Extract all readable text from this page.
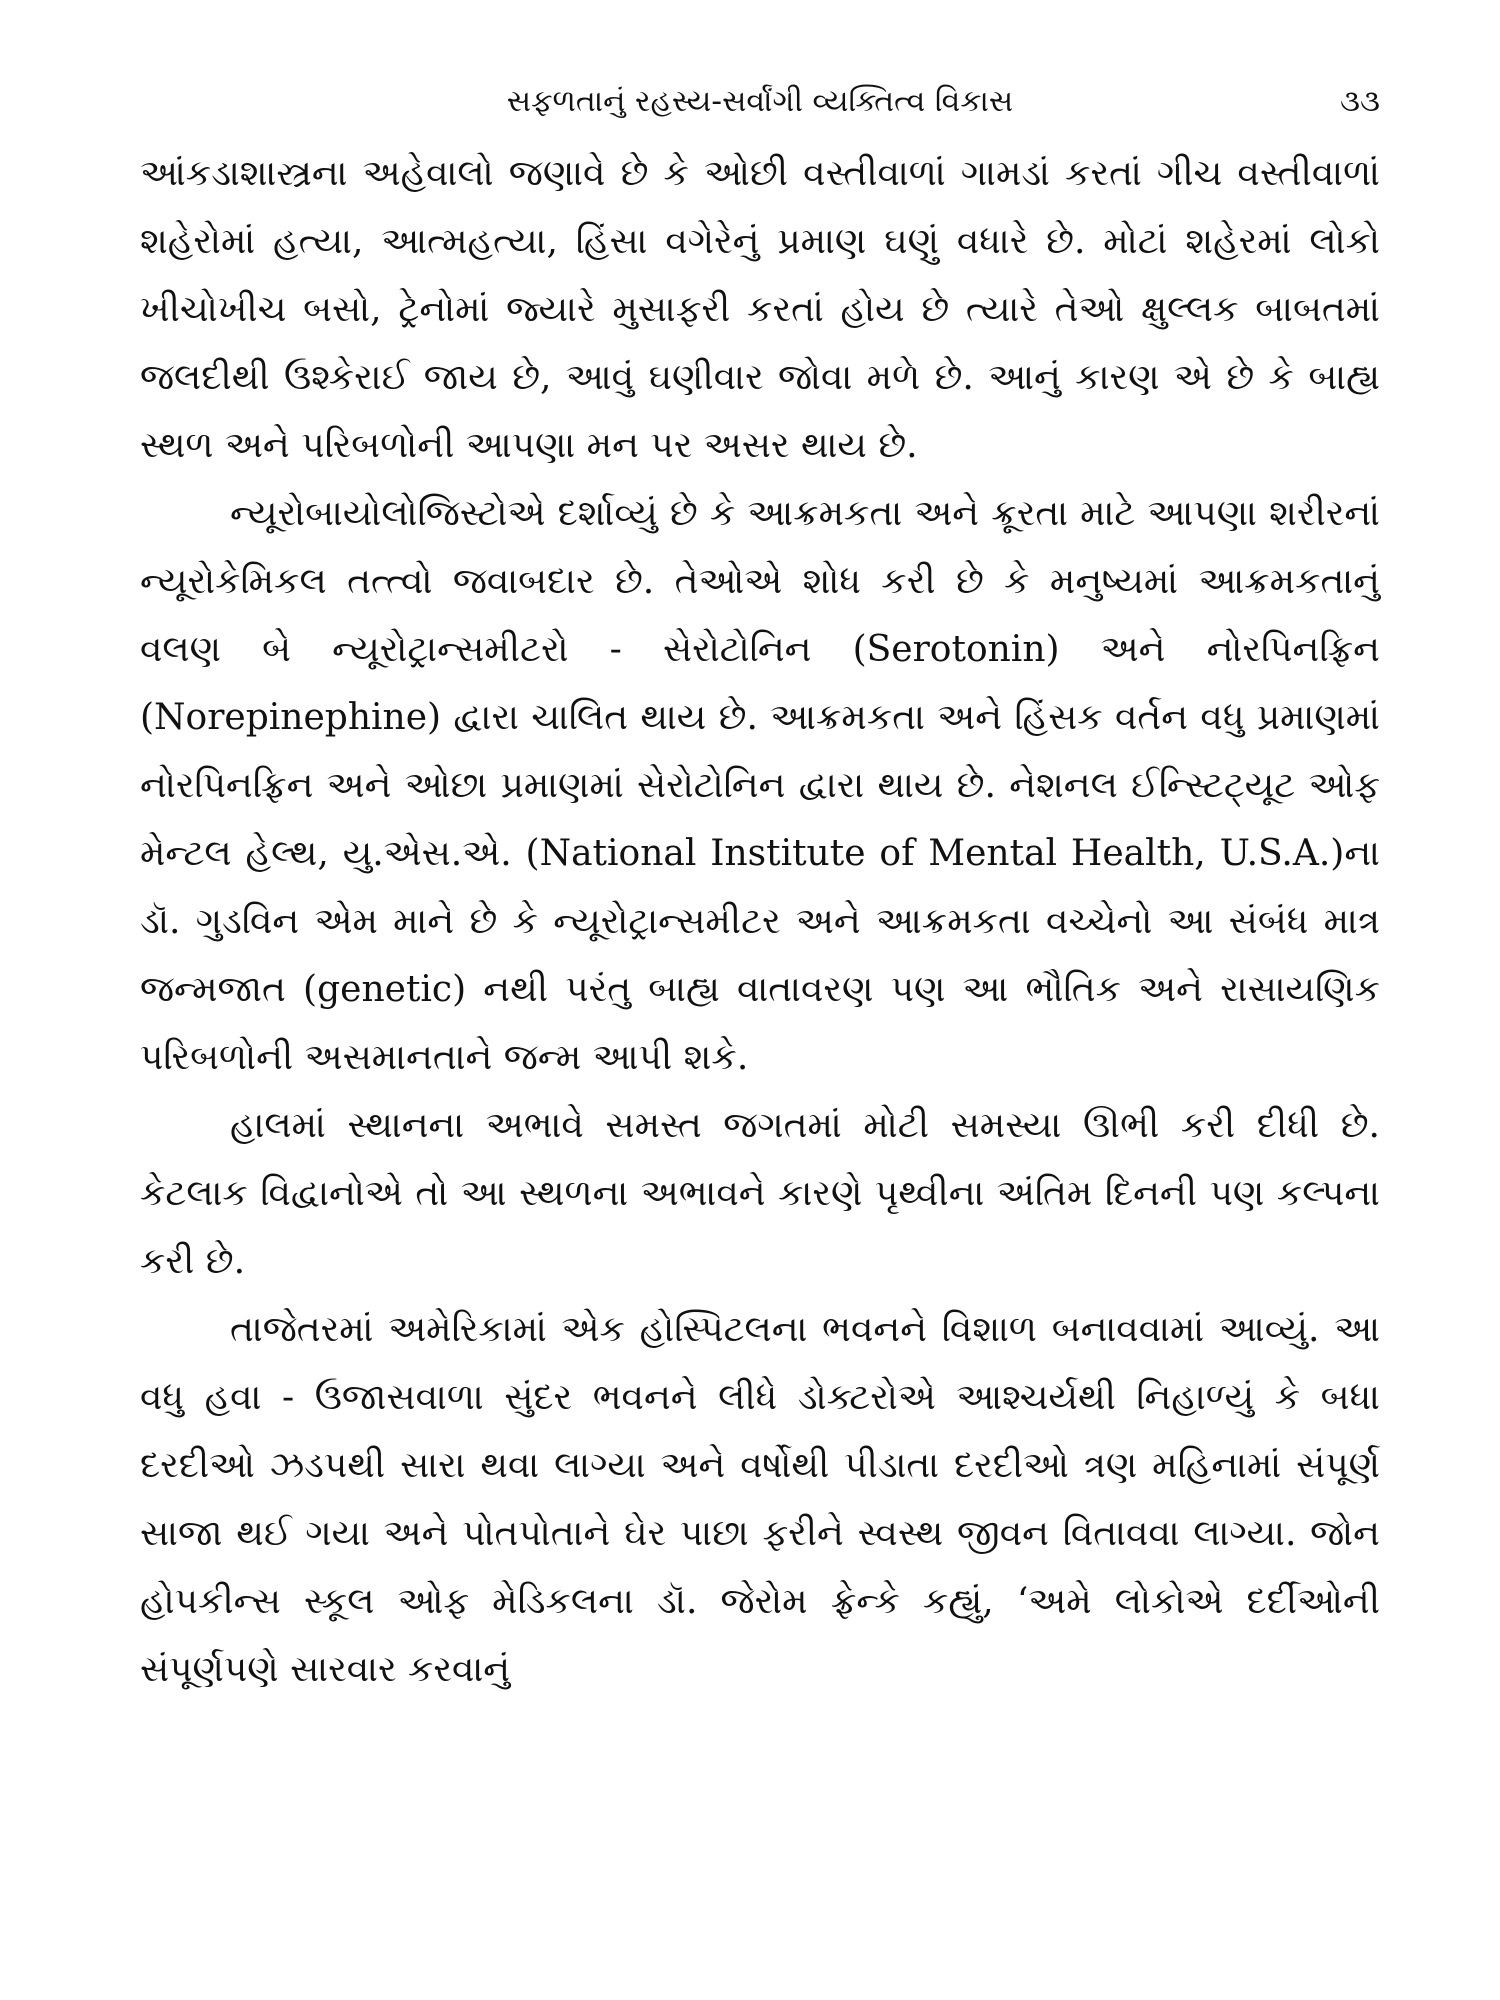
સફળતાનું રહસ્ય-સર્વાંગી વ્યક્તિત્વ વિકાસ	૩૩

આંકડાશાસ્ત્રના અહેવાલો જણાવે છે કે ઓછી વસ્તીવાળાં ગામડાં કરતાં ગીચ વસ્તીવાળાં શહેરોમાં હત્યા, આત્મહત્યા, હિંસા વગેરેનું પ્રમાણ ઘણું વધારે છે. મોટાં શહેરમાં લોકો ખીચોખીચ બસો, ટ્રેનોમાં જ્યારે મુસાફરી કરતાં હોય છે ત્યારે તેઓ ક્ષુલ્લક બાબતમાં જલદીથી ઉશ્કેરાઈ જાય છે, આવું ઘણીવાર જોવા મળે છે. આનું કારણ એ છે કે બાહ્ય સ્થળ અને પરિબળોની આપણા મન પર અસર થાય છે.

ન્યૂરોબાયોલોજિસ્ટોએ દર્શાવ્યું છે કે આક્રમકતા અને ક્રૂરતા માટે આપણા શરીરનાં ન્યૂરોકેમિકલ તત્ત્વો જવાબદાર છે. તેઓએ શોધ કરી છે કે મનુષ્યમાં આક્રમકતાનું વલણ બે ન્યૂરોટ્રાન્સમીટરો - સેરોટોનિન (Serotonin) અને નોરપિનફ્રિન (Norepinephine) દ્વારા ચાલિત થાય છે. આક્રમકતા અને હિંસક વર્તન વધુ પ્રમાણમાં નોરપિનફ્રિન અને ઓછા પ્રમાણમાં સેરોટોનિન દ્વારા થાય છે. નેશનલ ઈન્સ્ટિટ્યૂટ ઓફ મેન્ટલ હેલ્થ, યુ.એસ.એ. (National Institute of Mental Health, U.S.A.)ના ડૉ. ગુડવિન એમ માને છે કે ન્યૂરોટ્રાન્સમીટર અને આક્રમકતા વચ્ચેનો આ સંબંધ માત્ર જન્મજાત (genetic) નથી પરંતુ બાહ્ય વાતાવરણ પણ આ ભૌતિક અને રાસાયણિક પરિબળોની અસમાનતાને જન્મ આપી શકે.

હાલમાં સ્થાનના અભાવે સમસ્ત જગતમાં મોટી સમસ્યા ઊભી કરી દીધી છે. કેટલાક વિદ્વાનોએ તો આ સ્થળના અભાવને કારણે પૃથ્વીના અંતિમ દિનની પણ કલ્પના કરી છે.

તાજેતરમાં અમેરિકામાં એક હોસ્પિટલના ભવનને વિશાળ બનાવવામાં આવ્યું. આ વધુ હવા - ઉજાસવાળા સુંદર ભવનને લીધે ડોક્ટરોએ આશ્ચર્યથી નિહાળ્યું કે બધા દરદીઓ ઝડપથી સારા થવા લાગ્યા અને વર્ષોથી પીડાતા દરદીઓ ત્રણ મહિનામાં સંપૂર્ણ સાજા થઈ ગયા અને પોતપોતાને ઘેર પાછા ફરીને સ્વસ્થ જીવન વિતાવવા લાગ્યા. જોન હોપકીન્સ સ્કૂલ ઓફ મેડિકલના ડૉ. જેરોમ ફ્રેન્કે કહ્યું, ‘અમે લોકોએ દર્દીઓની સંપૂર્ણપણે સારવાર કરવાનું
